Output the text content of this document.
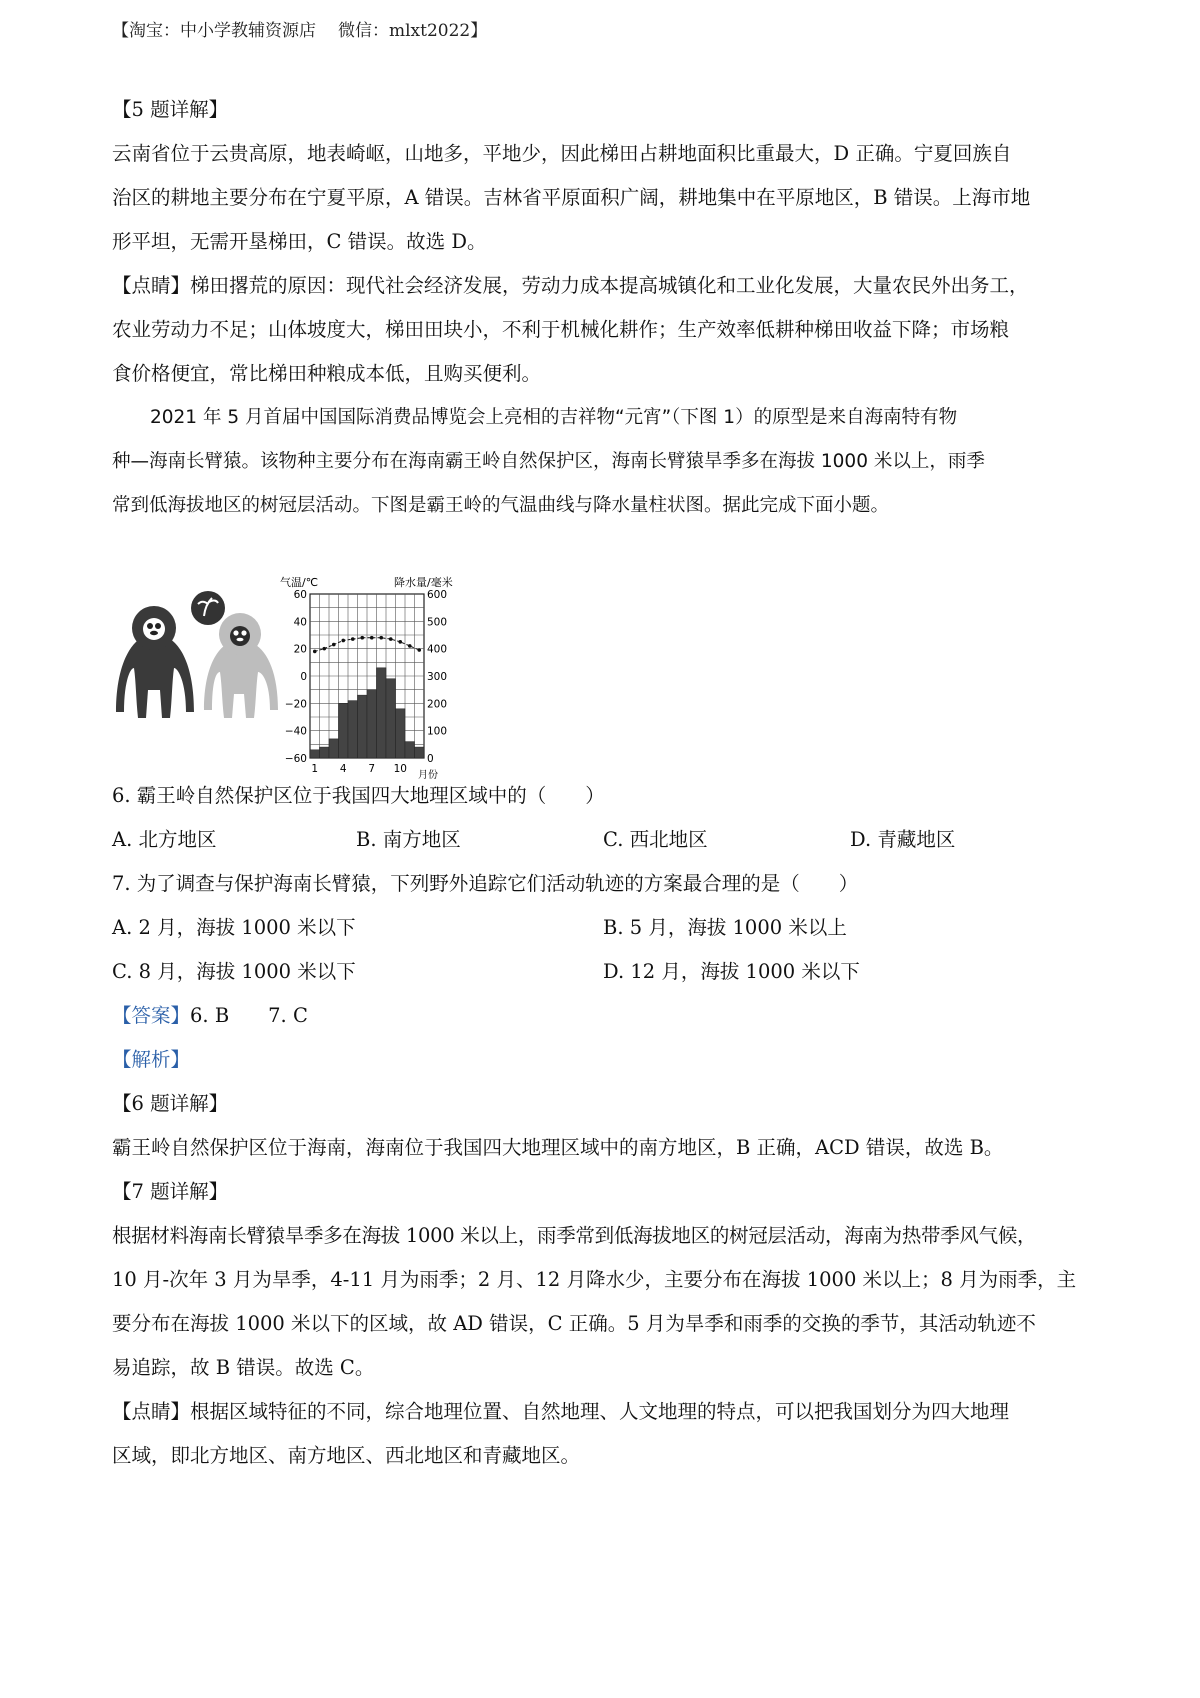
【淘宝：中小学教辅资源店 微信：mlxt2022】
【5 题详解】
云南省位于云贵高原，地表崎岖，山地多，平地少，因此梯田占耕地面积比重最大，D 正确。宁夏回族自
治区的耕地主要分布在宁夏平原，A 错误。吉林省平原面积广阔，耕地集中在平原地区，B 错误。上海市地
形平坦，无需开垦梯田，C 错误。故选 D。
【点睛】梯田撂荒的原因：现代社会经济发展，劳动力成本提高城镇化和工业化发展，大量农民外出务工，
农业劳动力不足；山体坡度大，梯田田块小，不利于机械化耕作；生产效率低耕种梯田收益下降；市场粮
食价格便宜，常比梯田种粮成本低，且购买便利。
2021 年 5 月首届中国国际消费品博览会上亮相的吉祥物“元宵”（下图 1）的原型是来自海南特有物
种—海南长臂猿。该物种主要分布在海南霸王岭自然保护区，海南长臂猿旱季多在海拔 1000 米以上，雨季
常到低海拔地区的树冠层活动。下图是霸王岭的气温曲线与降水量柱状图。据此完成下面小题。
气温/℃	降水量/毫米
月份
60
40
20
0
−20
−40
−60
600
500
400
300
200
100
0
1 4 7 10
6. 霸王岭自然保护区位于我国四大地理区域中的（　　）
A. 北方地区	B. 南方地区	C. 西北地区	D. 青藏地区
7. 为了调查与保护海南长臂猿，下列野外追踪它们活动轨迹的方案最合理的是（　　）
A. 2 月，海拔 1000 米以下	B. 5 月，海拔 1000 米以上
C. 8 月，海拔 1000 米以下	D. 12 月，海拔 1000 米以下
【答案】6. B　　7. C
【解析】
【6 题详解】
霸王岭自然保护区位于海南，海南位于我国四大地理区域中的南方地区，B 正确，ACD 错误，故选 B。
【7 题详解】
根据材料海南长臂猿旱季多在海拔 1000 米以上，雨季常到低海拔地区的树冠层活动，海南为热带季风气候，
10 月-次年 3 月为旱季，4-11 月为雨季；2 月、12 月降水少，主要分布在海拔 1000 米以上；8 月为雨季，主
要分布在海拔 1000 米以下的区域，故 AD 错误，C 正确。5 月为旱季和雨季的交换的季节，其活动轨迹不
易追踪，故 B 错误。故选 C。
【点睛】根据区域特征的不同，综合地理位置、自然地理、人文地理的特点，可以把我国划分为四大地理
区域，即北方地区、南方地区、西北地区和青藏地区。
